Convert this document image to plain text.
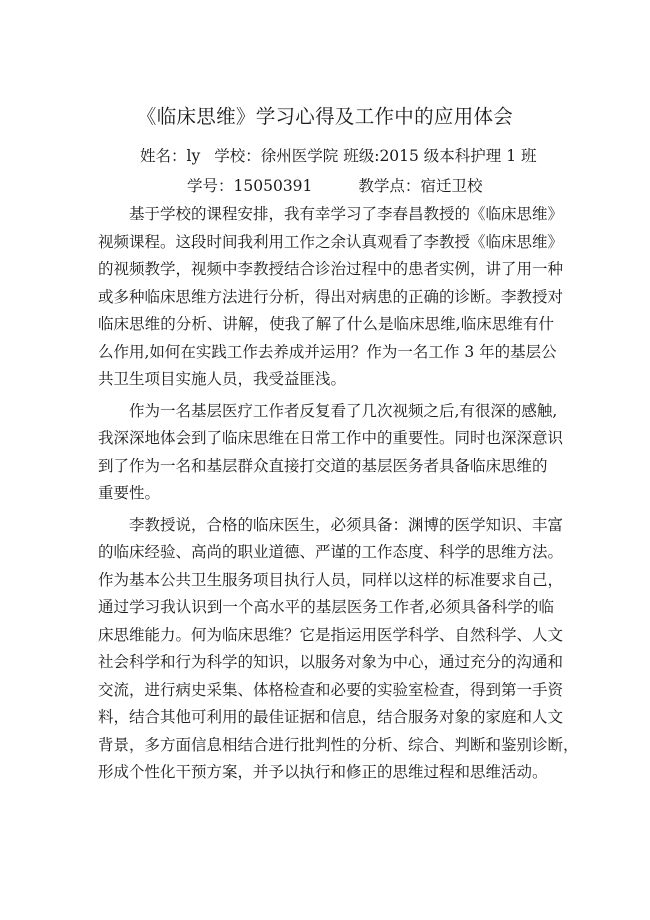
《临床思维》学习心得及工作中的应用体会
姓名：ly 学校：徐州医学院 班级:2015 级本科护理 1 班
学号：15050391	教学点：宿迁卫校
基于学校的课程安排，我有幸学习了李春昌教授的《临床思维》
视频课程。这段时间我利用工作之余认真观看了李教授《临床思维》
的视频教学，视频中李教授结合诊治过程中的患者实例，讲了用一种
或多种临床思维方法进行分析，得出对病患的正确的诊断。李教授对
临床思维的分析、讲解，使我了解了什么是临床思维,临床思维有什
么作用,如何在实践工作去养成并运用？作为一名工作 3 年的基层公
共卫生项目实施人员，我受益匪浅。
作为一名基层医疗工作者反复看了几次视频之后,有很深的感触,
我深深地体会到了临床思维在日常工作中的重要性。同时也深深意识
到了作为一名和基层群众直接打交道的基层医务者具备临床思维的
重要性。
李教授说，合格的临床医生，必须具备：渊博的医学知识、丰富
的临床经验、高尚的职业道德、严谨的工作态度、科学的思维方法。
作为基本公共卫生服务项目执行人员，同样以这样的标准要求自己，
通过学习我认识到一个高水平的基层医务工作者,必须具备科学的临
床思维能力。何为临床思维？它是指运用医学科学、自然科学、人文
社会科学和行为科学的知识，以服务对象为中心，通过充分的沟通和
交流，进行病史采集、体格检查和必要的实验室检查，得到第一手资
料，结合其他可利用的最佳证据和信息，结合服务对象的家庭和人文
背景，多方面信息相结合进行批判性的分析、综合、判断和鉴别诊断，
形成个性化干预方案，并予以执行和修正的思维过程和思维活动。
